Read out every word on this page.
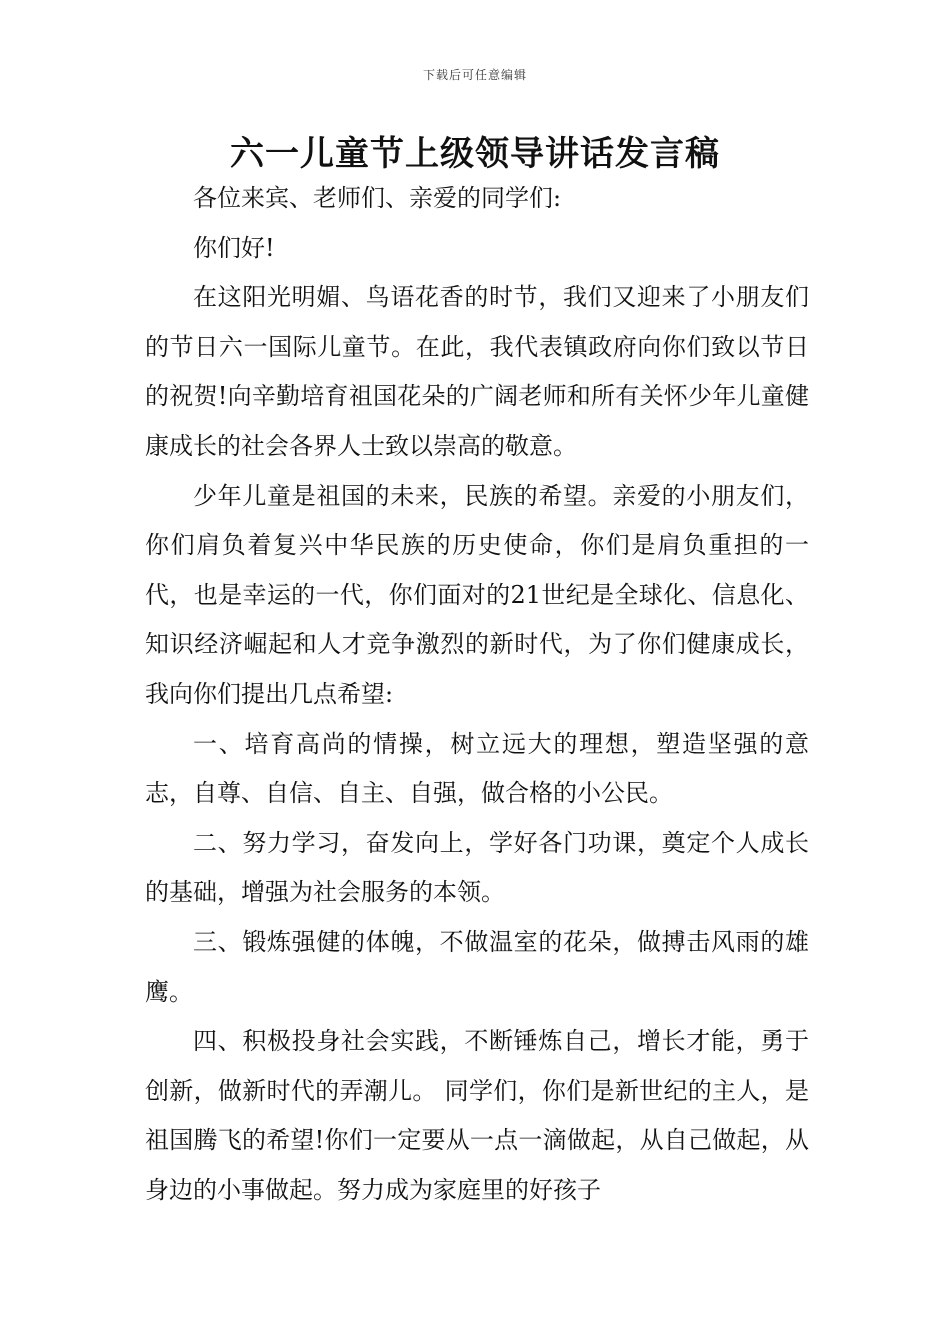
下载后可任意编辑
六一儿童节上级领导讲话发言稿

各位来宾、老师们、亲爱的同学们:

你们好!

在这阳光明媚、鸟语花香的时节，我们又迎来了小朋友们的节日六一国际儿童节。在此，我代表镇政府向你们致以节日的祝贺!向辛勤培育祖国花朵的广阔老师和所有关怀少年儿童健康成长的社会各界人士致以崇高的敬意。

少年儿童是祖国的未来，民族的希望。亲爱的小朋友们，你们肩负着复兴中华民族的历史使命，你们是肩负重担的一代，也是幸运的一代，你们面对的21世纪是全球化、信息化、知识经济崛起和人才竞争激烈的新时代，为了你们健康成长，我向你们提出几点希望:

一、培育高尚的情操，树立远大的理想，塑造坚强的意志，自尊、自信、自主、自强，做合格的小公民。

二、努力学习，奋发向上，学好各门功课，奠定个人成长的基础，增强为社会服务的本领。

三、锻炼强健的体魄，不做温室的花朵，做搏击风雨的雄鹰。

四、积极投身社会实践，不断锤炼自己，增长才能，勇于创新，做新时代的弄潮儿。 同学们，你们是新世纪的主人，是祖国腾飞的希望!你们一定要从一点一滴做起，从自己做起，从身边的小事做起。努力成为家庭里的好孩子
